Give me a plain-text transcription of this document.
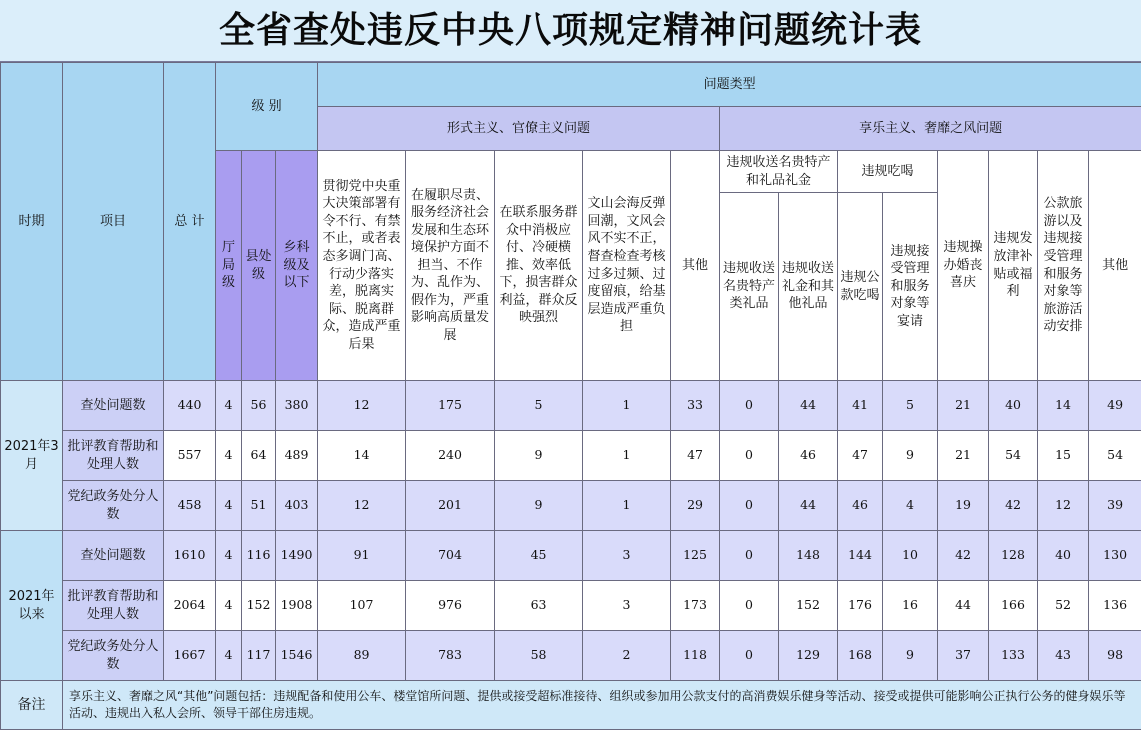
全省查处违反中央八项规定精神问题统计表
时期	项目	总 计	级 别			问题类型												
						形式主义、官僚主义问题					享乐主义、奢靡之风问题							
			厅局级	县处级	乡科级及以下	贯彻党中央重大决策部署有令不行、有禁不止，或者表态多调门高、行动少落实差，脱离实际、脱离群众，造成严重后果	在履职尽责、服务经济社会发展和生态环境保护方面不担当、不作为、乱作为、假作为，严重影响高质量发展	在联系服务群众中消极应付、冷硬横推、效率低下，损害群众利益，群众反映强烈	文山会海反弹回潮，文风会风不实不正，督查检查考核过多过频、过度留痕，给基层造成严重负担	其他	违规收送名贵特产和礼品礼金		违规吃喝		违规操办婚丧喜庆	违规发放津补贴或福利	公款旅游以及违规接受管理和服务对象等旅游活动安排	其他
											违规收送名贵特产类礼品	违规收送礼金和其他礼品	违规公款吃喝	违规接受管理和服务对象等宴请				
2021年3月	查处问题数	440	4	56	380	12	175	5	1	33	0	44	41	5	21	40	14	49
	批评教育帮助和处理人数	557	4	64	489	14	240	9	1	47	0	46	47	9	21	54	15	54
	党纪政务处分人数	458	4	51	403	12	201	9	1	29	0	44	46	4	19	42	12	39
2021年以来	查处问题数	1610	4	116	1490	91	704	45	3	125	0	148	144	10	42	128	40	130
	批评教育帮助和处理人数	2064	4	152	1908	107	976	63	3	173	0	152	176	16	44	166	52	136
	党纪政务处分人数	1667	4	117	1546	89	783	58	2	118	0	129	168	9	37	133	43	98
备注	享乐主义、奢靡之风“其他”问题包括：违规配备和使用公车、楼堂馆所问题、提供或接受超标准接待、组织或参加用公款支付的高消费娱乐健身等活动、接受或提供可能影响公正执行公务的健身娱乐等活动、违规出入私人会所、领导干部住房违规。																	
